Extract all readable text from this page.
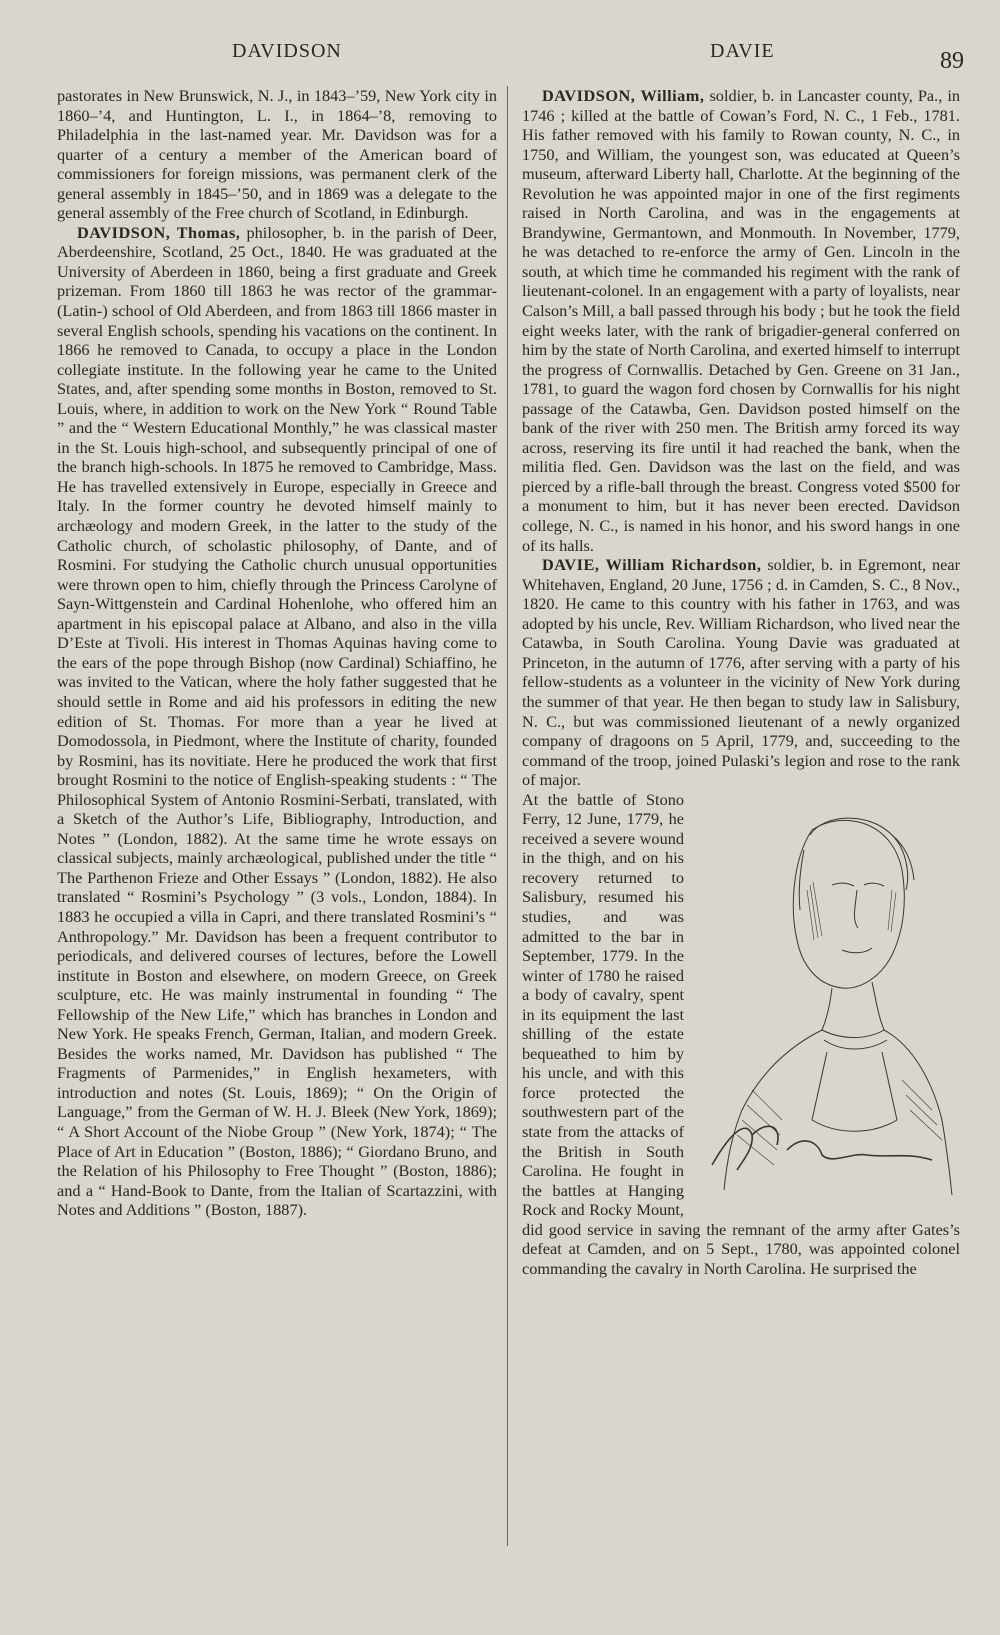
DAVIDSON	DAVIE	89

pastorates in New Brunswick, N. J., in 1843–’59, New York city in 1860–’4, and Huntington, L. I., in 1864–’8, removing to Philadelphia in the last-named year. Mr. Davidson was for a quarter of a century a member of the American board of commissioners for foreign missions, was permanent clerk of the general assembly in 1845–’50, and in 1869 was a delegate to the general assembly of the Free church of Scotland, in Edinburgh.

DAVIDSON, Thomas, philosopher, b. in the parish of Deer, Aberdeenshire, Scotland, 25 Oct., 1840. He was graduated at the University of Aberdeen in 1860, being a first graduate and Greek prizeman. From 1860 till 1863 he was rector of the grammar-(Latin-) school of Old Aberdeen, and from 1863 till 1866 master in several English schools, spending his vacations on the continent. In 1866 he removed to Canada, to occupy a place in the London collegiate institute. In the following year he came to the United States, and, after spending some months in Boston, removed to St. Louis, where, in addition to work on the New York “ Round Table ” and the “ Western Educational Monthly,” he was classical master in the St. Louis high-school, and subsequently principal of one of the branch high-schools. In 1875 he removed to Cambridge, Mass. He has travelled extensively in Europe, especially in Greece and Italy. In the former country he devoted himself mainly to archæology and modern Greek, in the latter to the study of the Catholic church, of scholastic philosophy, of Dante, and of Rosmini. For studying the Catholic church unusual opportunities were thrown open to him, chiefly through the Princess Carolyne of Sayn-Wittgenstein and Cardinal Hohenlohe, who offered him an apartment in his episcopal palace at Albano, and also in the villa D’Este at Tivoli. His interest in Thomas Aquinas having come to the ears of the pope through Bishop (now Cardinal) Schiaffino, he was invited to the Vatican, where the holy father suggested that he should settle in Rome and aid his professors in editing the new edition of St. Thomas. For more than a year he lived at Domodossola, in Piedmont, where the Institute of charity, founded by Rosmini, has its novitiate. Here he produced the work that first brought Rosmini to the notice of English-speaking students : “ The Philosophical System of Antonio Rosmini-Serbati, translated, with a Sketch of the Author’s Life, Bibliography, Introduction, and Notes ” (London, 1882). At the same time he wrote essays on classical subjects, mainly archæological, published under the title “ The Parthenon Frieze and Other Essays ” (London, 1882). He also translated “ Rosmini’s Psychology ” (3 vols., London, 1884). In 1883 he occupied a villa in Capri, and there translated Rosmini’s “ Anthropology.” Mr. Davidson has been a frequent contributor to periodicals, and delivered courses of lectures, before the Lowell institute in Boston and elsewhere, on modern Greece, on Greek sculpture, etc. He was mainly instrumental in founding “ The Fellowship of the New Life,” which has branches in London and New York. He speaks French, German, Italian, and modern Greek. Besides the works named, Mr. Davidson has published “ The Fragments of Parmenides,” in English hexameters, with introduction and notes (St. Louis, 1869); “ On the Origin of Language,” from the German of W. H. J. Bleek (New York, 1869); “ A Short Account of the Niobe Group ” (New York, 1874); “ The Place of Art in Education ” (Boston, 1886); “ Giordano Bruno, and the Relation of his Philosophy to Free Thought ” (Boston, 1886); and a “ Hand-Book to Dante, from the Italian of Scartazzini, with Notes and Additions ” (Boston, 1887).

DAVIDSON, William, soldier, b. in Lancaster county, Pa., in 1746 ; killed at the battle of Cowan’s Ford, N. C., 1 Feb., 1781. His father removed with his family to Rowan county, N. C., in 1750, and William, the youngest son, was educated at Queen’s museum, afterward Liberty hall, Charlotte. At the beginning of the Revolution he was appointed major in one of the first regiments raised in North Carolina, and was in the engagements at Brandywine, Germantown, and Monmouth. In November, 1779, he was detached to re-enforce the army of Gen. Lincoln in the south, at which time he commanded his regiment with the rank of lieutenant-colonel. In an engagement with a party of loyalists, near Calson’s Mill, a ball passed through his body ; but he took the field eight weeks later, with the rank of brigadier-general conferred on him by the state of North Carolina, and exerted himself to interrupt the progress of Cornwallis. Detached by Gen. Greene on 31 Jan., 1781, to guard the wagon ford chosen by Cornwallis for his night passage of the Catawba, Gen. Davidson posted himself on the bank of the river with 250 men. The British army forced its way across, reserving its fire until it had reached the bank, when the militia fled. Gen. Davidson was the last on the field, and was pierced by a rifle-ball through the breast. Congress voted $500 for a monument to him, but it has never been erected. Davidson college, N. C., is named in his honor, and his sword hangs in one of its halls.

DAVIE, William Richardson, soldier, b. in Egremont, near Whitehaven, England, 20 June, 1756 ; d. in Camden, S. C., 8 Nov., 1820. He came to this country with his father in 1763, and was adopted by his uncle, Rev. William Richardson, who lived near the Catawba, in South Carolina. Young Davie was graduated at Princeton, in the autumn of 1776, after serving with a party of his fellow-students as a volunteer in the vicinity of New York during the summer of that year. He then began to study law in Salisbury, N. C., but was commissioned lieutenant of a newly organized company of dragoons on 5 April, 1779, and, succeeding to the command of the troop, joined Pulaski’s legion and rose to the rank of major.

W. R. Davie

At the battle of Stono Ferry, 12 June, 1779, he received a severe wound in the thigh, and on his recovery returned to Salisbury, resumed his studies, and was admitted to the bar in September, 1779. In the winter of 1780 he raised a body of cavalry, spent in its equipment the last shilling of the estate bequeathed to him by his uncle, and with this force protected the southwestern part of the state from the attacks of the British in South Carolina. He fought in the battles at Hanging Rock and Rocky Mount, did good service in saving the remnant of the army after Gates’s defeat at Camden, and on 5 Sept., 1780, was appointed colonel commanding the cavalry in North Carolina. He surprised the
